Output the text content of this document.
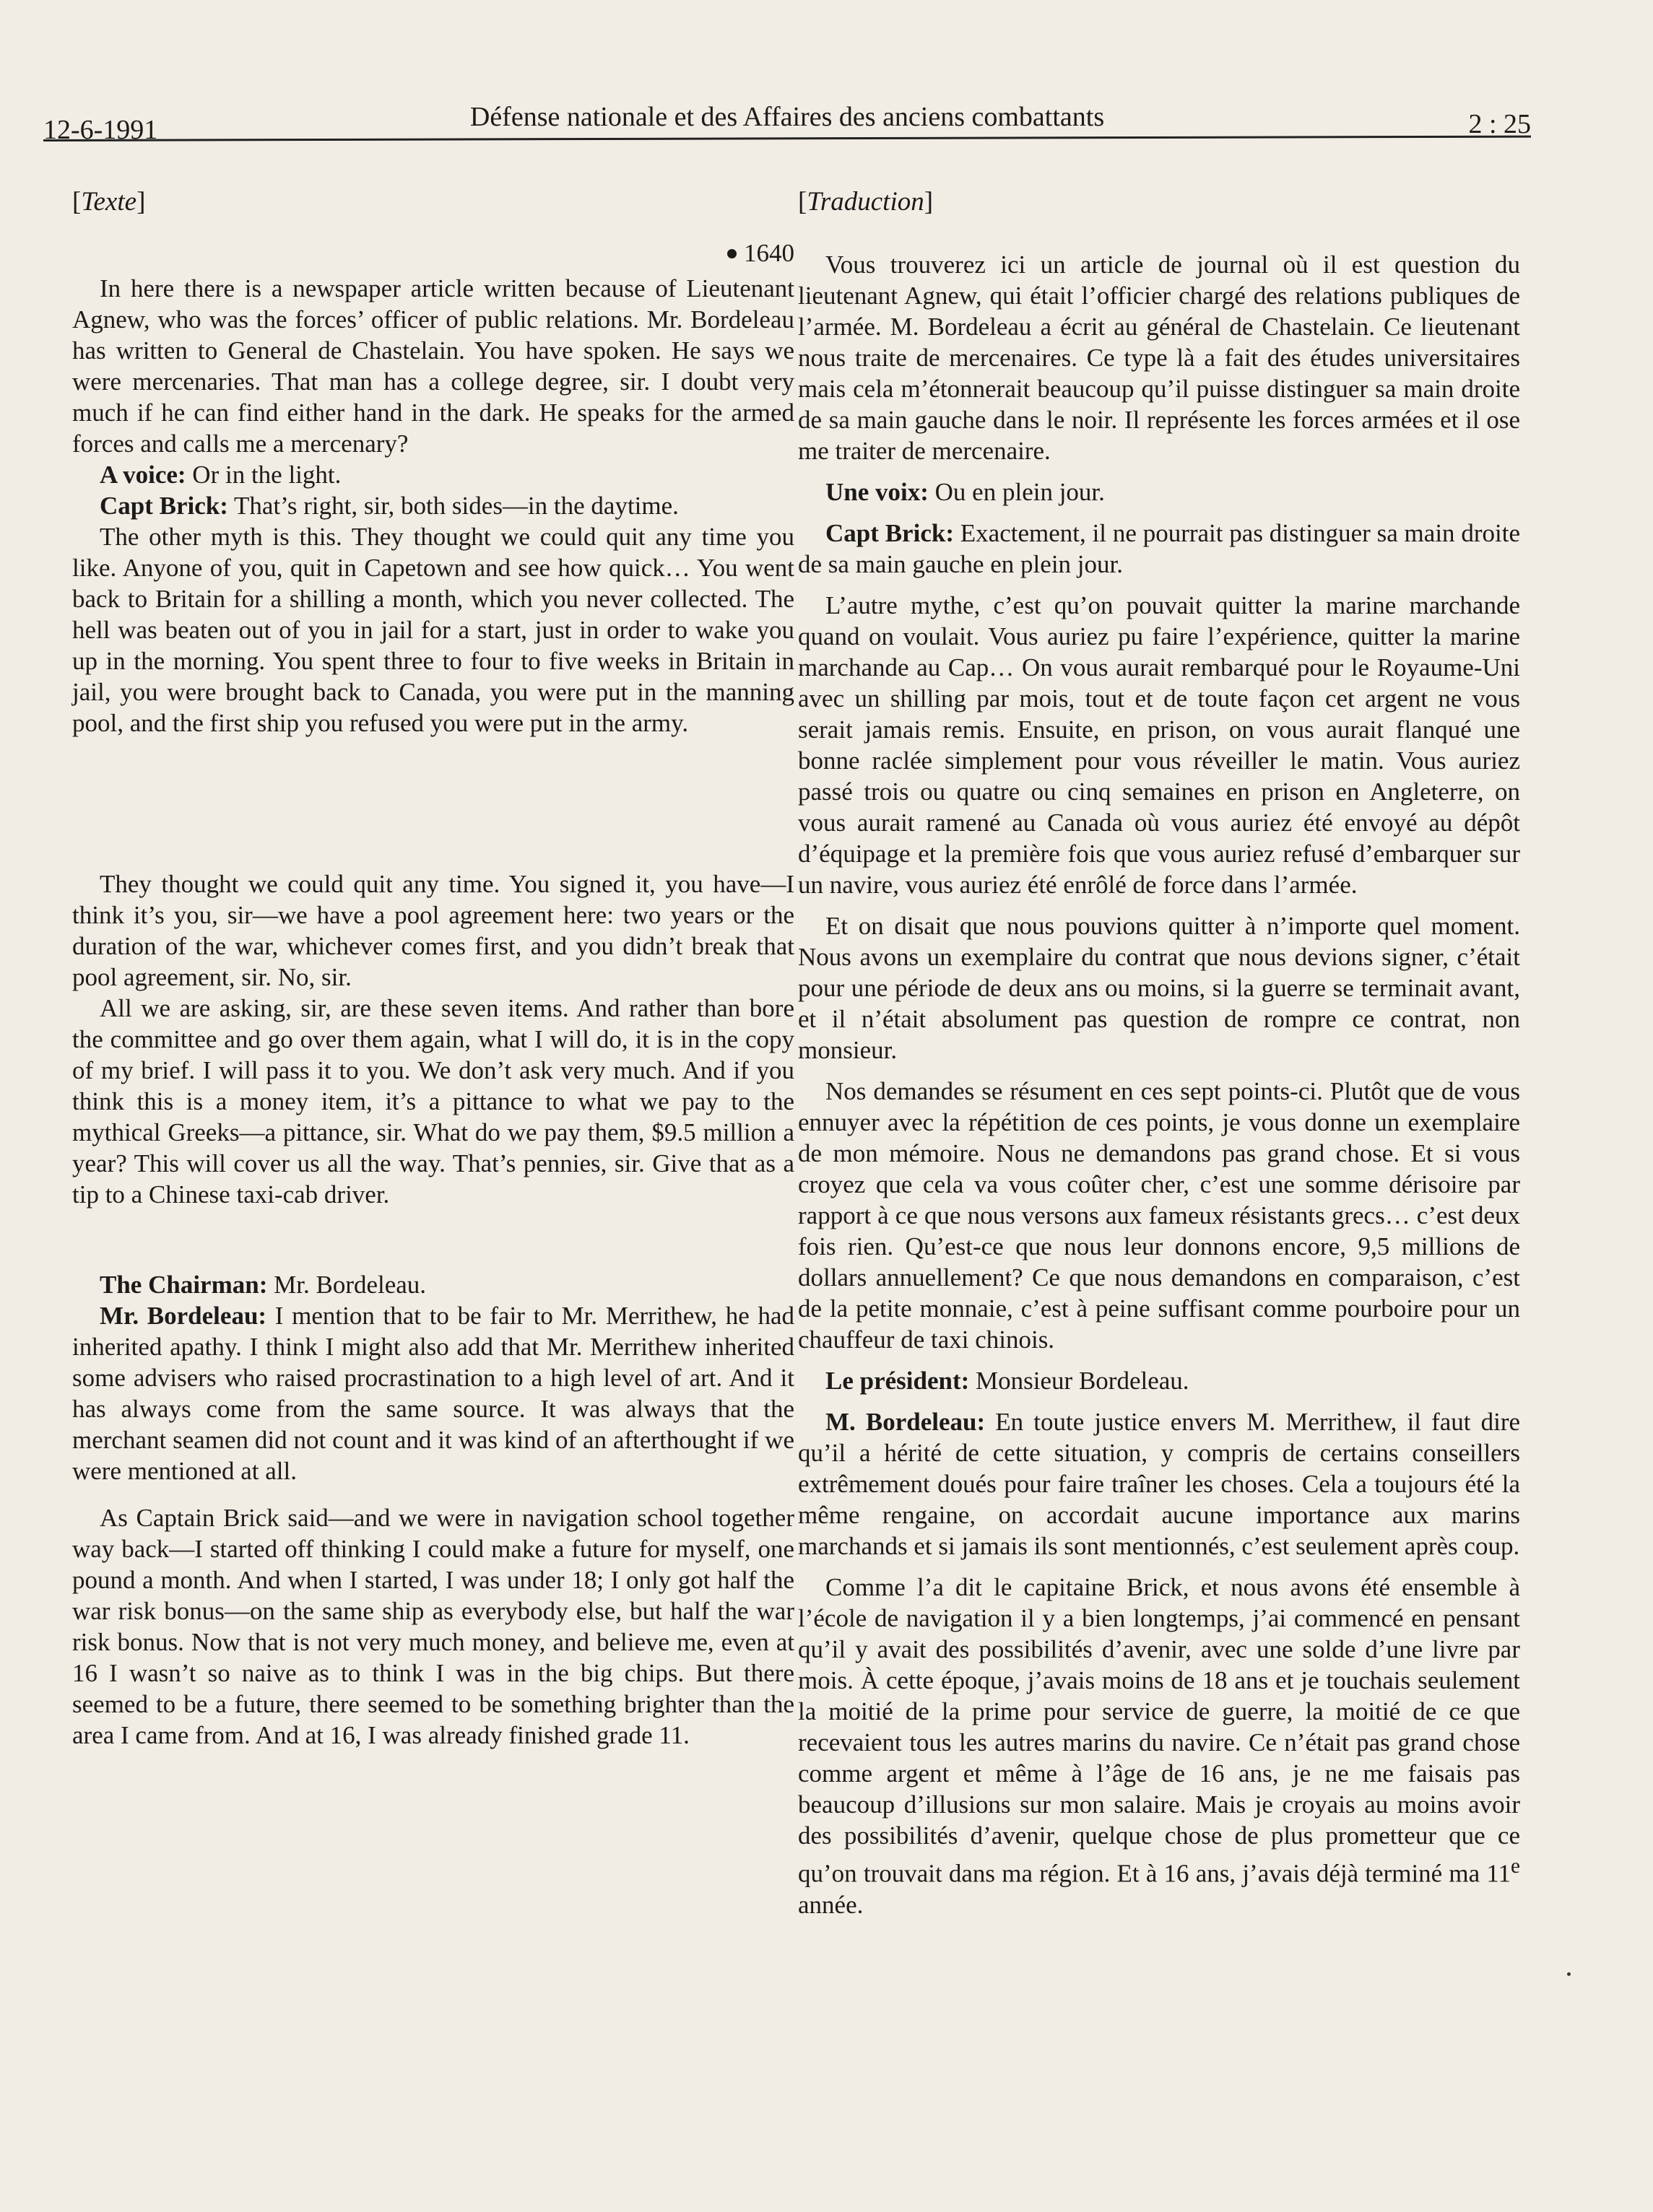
12-6-1991	Défense nationale et des Affaires des anciens combattants	2 : 25
[Texte]
1640

In here there is a newspaper article written because of Lieutenant Agnew, who was the forces’ officer of public relations. Mr. Bordeleau has written to General de Chastelain. You have spoken. He says we were mercenaries. That man has a college degree, sir. I doubt very much if he can find either hand in the dark. He speaks for the armed forces and calls me a mercenary?

A voice: Or in the light.

Capt Brick: That’s right, sir, both sides—in the daytime.

The other myth is this. They thought we could quit any time you like. Anyone of you, quit in Capetown and see how quick… You went back to Britain for a shilling a month, which you never collected. The hell was beaten out of you in jail for a start, just in order to wake you up in the morning. You spent three to four to five weeks in Britain in jail, you were brought back to Canada, you were put in the manning pool, and the first ship you refused you were put in the army.

They thought we could quit any time. You signed it, you have—I think it’s you, sir—we have a pool agreement here: two years or the duration of the war, whichever comes first, and you didn’t break that pool agreement, sir. No, sir.

All we are asking, sir, are these seven items. And rather than bore the committee and go over them again, what I will do, it is in the copy of my brief. I will pass it to you. We don’t ask very much. And if you think this is a money item, it’s a pittance to what we pay to the mythical Greeks—a pittance, sir. What do we pay them, $9.5 million a year? This will cover us all the way. That’s pennies, sir. Give that as a tip to a Chinese taxi-cab driver.

The Chairman: Mr. Bordeleau.

Mr. Bordeleau: I mention that to be fair to Mr. Merrithew, he had inherited apathy. I think I might also add that Mr. Merrithew inherited some advisers who raised procrastination to a high level of art. And it has always come from the same source. It was always that the merchant seamen did not count and it was kind of an afterthought if we were mentioned at all.

As Captain Brick said—and we were in navigation school together way back—I started off thinking I could make a future for myself, one pound a month. And when I started, I was under 18; I only got half the war risk bonus—on the same ship as everybody else, but half the war risk bonus. Now that is not very much money, and believe me, even at 16 I wasn’t so naive as to think I was in the big chips. But there seemed to be a future, there seemed to be something brighter than the area I came from. And at 16, I was already finished grade 11.

[Traduction]

Vous trouverez ici un article de journal où il est question du lieutenant Agnew, qui était l’officier chargé des relations publiques de l’armée. M. Bordeleau a écrit au général de Chastelain. Ce lieutenant nous traite de mercenaires. Ce type là a fait des études universitaires mais cela m’étonnerait beaucoup qu’il puisse distinguer sa main droite de sa main gauche dans le noir. Il représente les forces armées et il ose me traiter de mercenaire.

Une voix: Ou en plein jour.

Capt Brick: Exactement, il ne pourrait pas distinguer sa main droite de sa main gauche en plein jour.

L’autre mythe, c’est qu’on pouvait quitter la marine marchande quand on voulait. Vous auriez pu faire l’expérience, quitter la marine marchande au Cap… On vous aurait rembarqué pour le Royaume-Uni avec un shilling par mois, tout et de toute façon cet argent ne vous serait jamais remis. Ensuite, en prison, on vous aurait flanqué une bonne raclée simplement pour vous réveiller le matin. Vous auriez passé trois ou quatre ou cinq semaines en prison en Angleterre, on vous aurait ramené au Canada où vous auriez été envoyé au dépôt d’équipage et la première fois que vous auriez refusé d’embarquer sur un navire, vous auriez été enrôlé de force dans l’armée.

Et on disait que nous pouvions quitter à n’importe quel moment. Nous avons un exemplaire du contrat que nous devions signer, c’était pour une période de deux ans ou moins, si la guerre se terminait avant, et il n’était absolument pas question de rompre ce contrat, non monsieur.

Nos demandes se résument en ces sept points-ci. Plutôt que de vous ennuyer avec la répétition de ces points, je vous donne un exemplaire de mon mémoire. Nous ne demandons pas grand chose. Et si vous croyez que cela va vous coûter cher, c’est une somme dérisoire par rapport à ce que nous versons aux fameux résistants grecs… c’est deux fois rien. Qu’est-ce que nous leur donnons encore, 9,5 millions de dollars annuellement? Ce que nous demandons en comparaison, c’est de la petite monnaie, c’est à peine suffisant comme pourboire pour un chauffeur de taxi chinois.

Le président: Monsieur Bordeleau.

M. Bordeleau: En toute justice envers M. Merrithew, il faut dire qu’il a hérité de cette situation, y compris de certains conseillers extrêmement doués pour faire traîner les choses. Cela a toujours été la même rengaine, on accordait aucune importance aux marins marchands et si jamais ils sont mentionnés, c’est seulement après coup.

Comme l’a dit le capitaine Brick, et nous avons été ensemble à l’école de navigation il y a bien longtemps, j’ai commencé en pensant qu’il y avait des possibilités d’avenir, avec une solde d’une livre par mois. À cette époque, j’avais moins de 18 ans et je touchais seulement la moitié de la prime pour service de guerre, la moitié de ce que recevaient tous les autres marins du navire. Ce n’était pas grand chose comme argent et même à l’âge de 16 ans, je ne me faisais pas beaucoup d’illusions sur mon salaire. Mais je croyais au moins avoir des possibilités d’avenir, quelque chose de plus prometteur que ce qu’on trouvait dans ma région. Et à 16 ans, j’avais déjà terminé ma 11e année.
